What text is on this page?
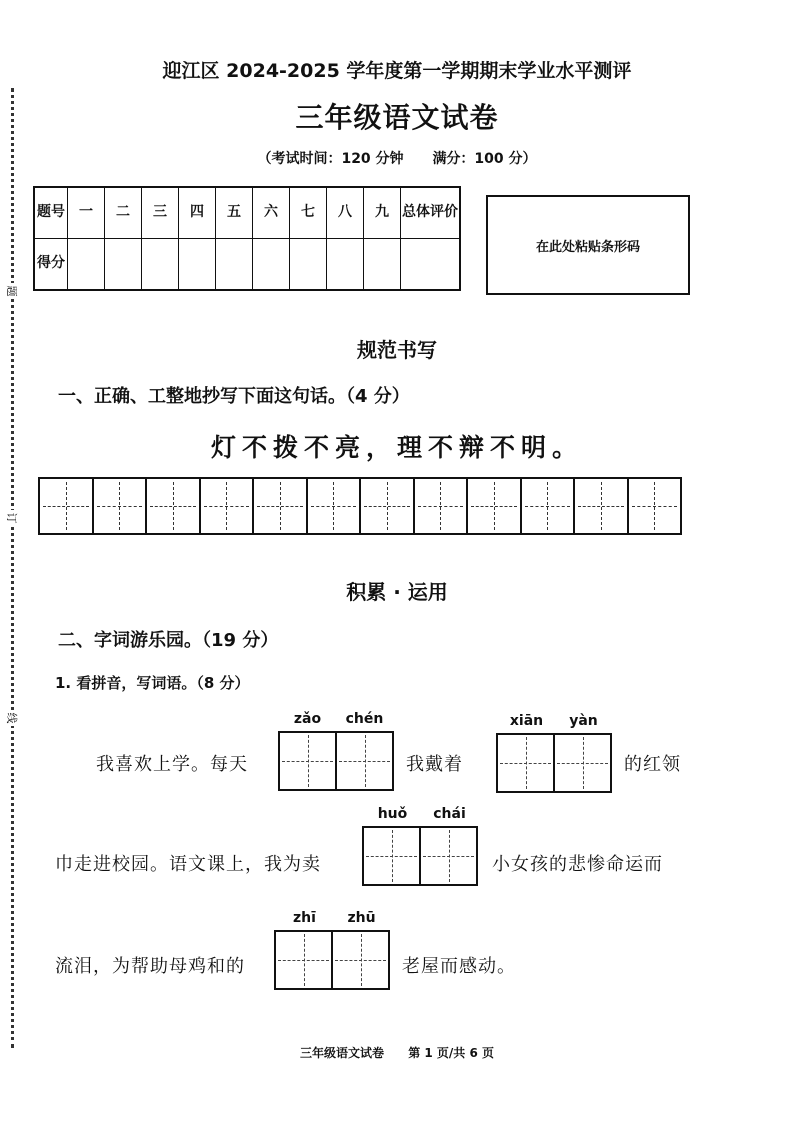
题
订
线
迎江区 2024-2025 学年度第一学期期末学业水平测评
三年级语文试卷
（考试时间：120 分钟 满分：100 分）
题号	一	二	三	四	五	六	七	八	九	总体评价
得分										
在此处粘贴条形码
规范书写
一、正确、工整地抄写下面这句话。（4 分）
灯不拨不亮，理不辩不明。
积累 · 运用
二、字词游乐园。（19 分）
1. 看拼音，写词语。（8 分）
我喜欢上学。每天
zǎo	chén
我戴着
xiān	yàn
的红领
巾走进校园。语文课上，我为卖
huǒ	chái
小女孩的悲惨命运而
流泪，为帮助母鸡和的
zhī	zhū
老屋而感动。
三年级语文试卷 第 1 页/共 6 页
